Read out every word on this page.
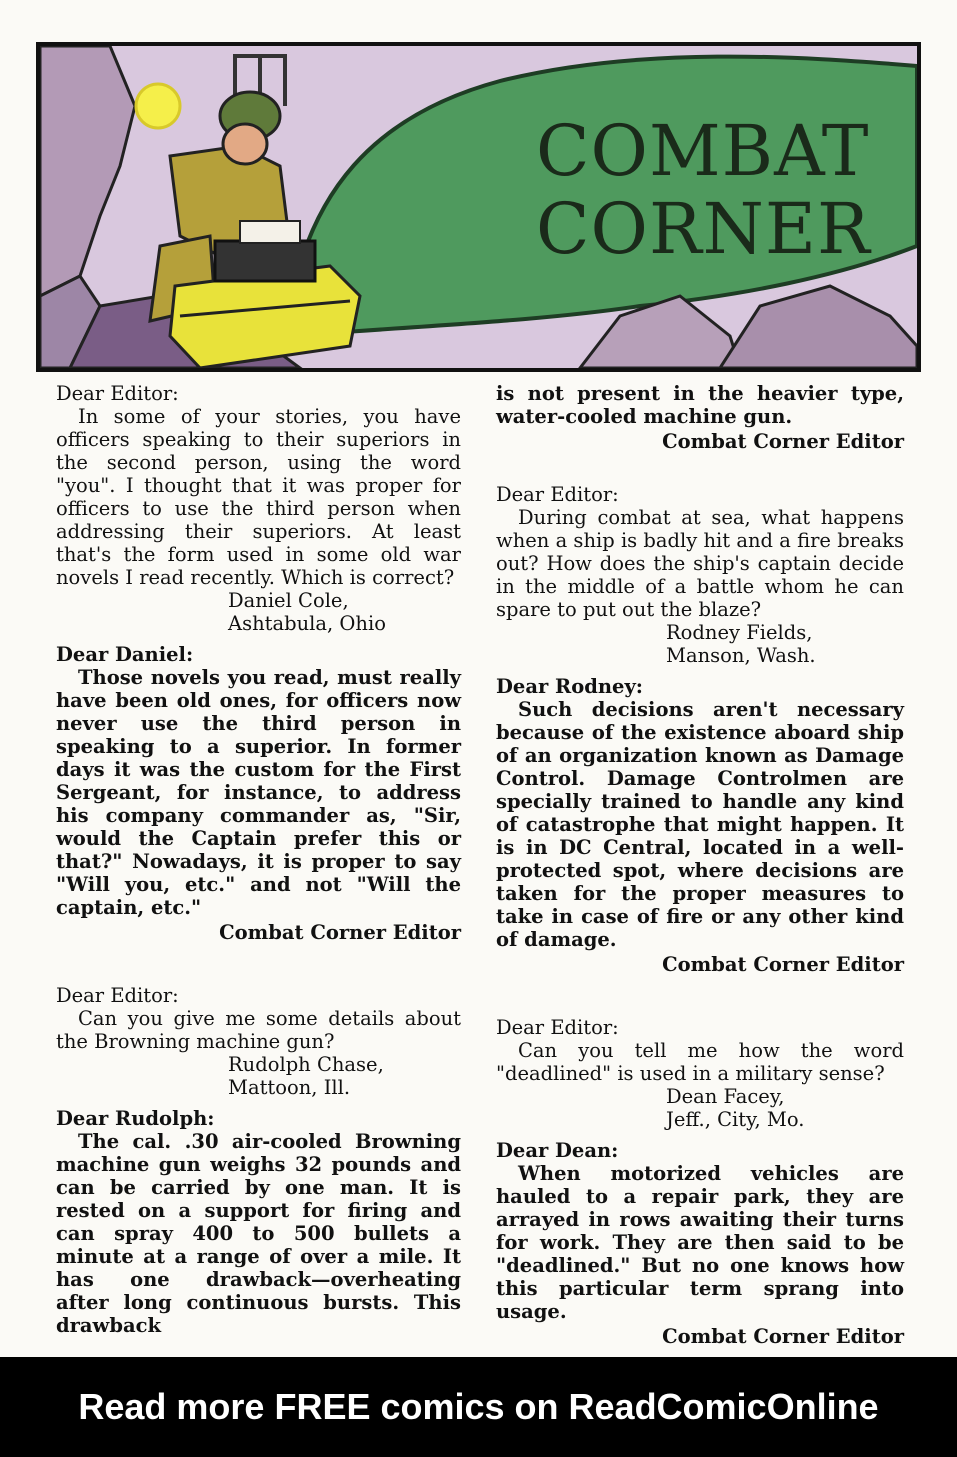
COMBAT
CORNER
Dear Editor:
In some of your stories, you have officers speaking to their superiors in the second person, using the word "you". I thought that it was proper for officers to use the third person when addressing their superiors. At least that's the form used in some old war novels I read recently. Which is correct?
Daniel Cole,
Ashtabula, Ohio
Dear Daniel:
Those novels you read, must really have been old ones, for officers now never use the third person in speaking to a superior. In former days it was the custom for the First Sergeant, for instance, to address his company commander as, "Sir, would the Captain prefer this or that?" Nowadays, it is proper to say "Will you, etc." and not "Will the captain, etc."
Combat Corner Editor
Dear Editor:
Can you give me some details about the Browning machine gun?
Rudolph Chase,
Mattoon, Ill.
Dear Rudolph:
The cal. .30 air-cooled Browning machine gun weighs 32 pounds and can be carried by one man. It is rested on a support for firing and can spray 400 to 500 bullets a minute at a range of over a mile. It has one drawback—overheating after long continuous bursts. This drawback
is not present in the heavier type, water-cooled machine gun.
Combat Corner Editor
Dear Editor:
During combat at sea, what happens when a ship is badly hit and a fire breaks out? How does the ship's captain decide in the middle of a battle whom he can spare to put out the blaze?
Rodney Fields,
Manson, Wash.
Dear Rodney:
Such decisions aren't necessary because of the existence aboard ship of an organization known as Damage Control. Damage Controlmen are specially trained to handle any kind of catastrophe that might happen. It is in DC Central, located in a well-protected spot, where decisions are taken for the proper measures to take in case of fire or any other kind of damage.
Combat Corner Editor
Dear Editor:
Can you tell me how the word "deadlined" is used in a military sense?
Dean Facey,
Jeff., City, Mo.
Dear Dean:
When motorized vehicles are hauled to a repair park, they are arrayed in rows awaiting their turns for work. They are then said to be "deadlined." But no one knows how this particular term sprang into usage.
Combat Corner Editor
Read more FREE comics on ReadComicOnline
